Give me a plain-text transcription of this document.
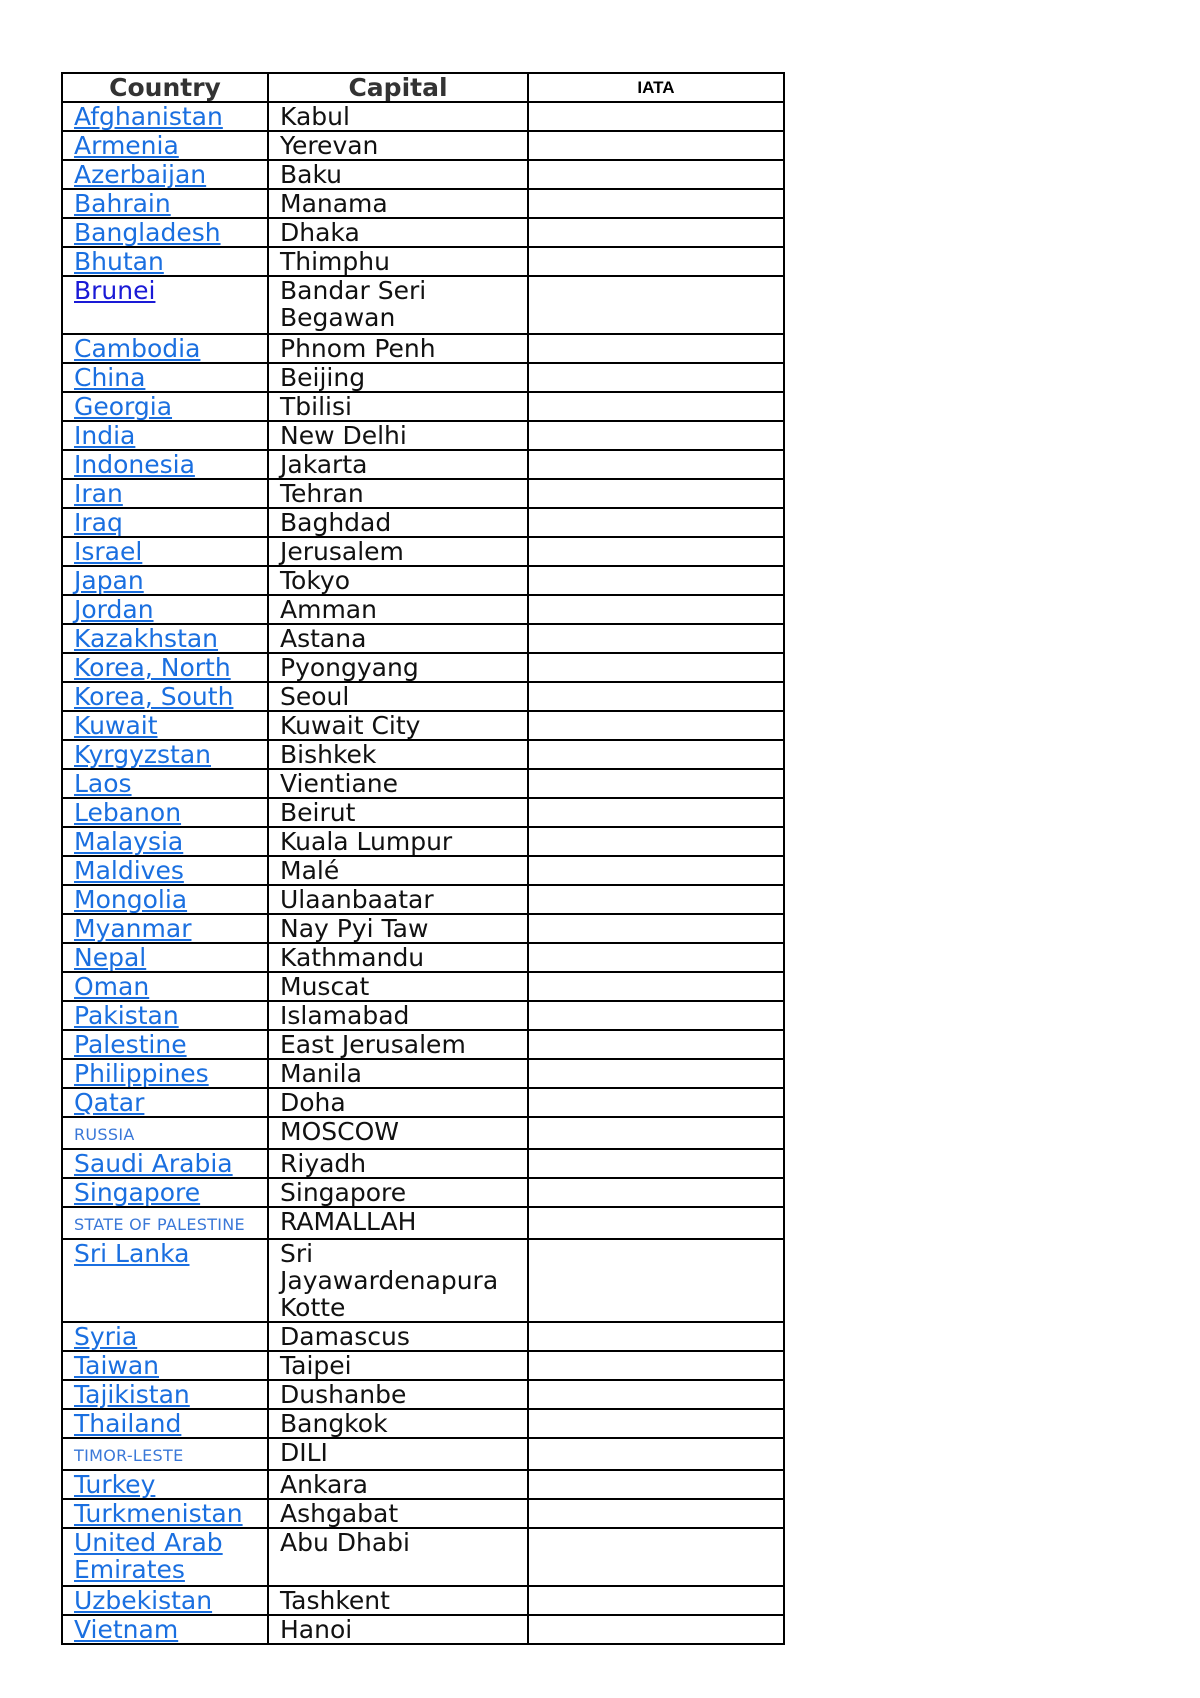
Country	Capital	IATA
Afghanistan	Kabul	
Armenia	Yerevan	
Azerbaijan	Baku	
Bahrain	Manama	
Bangladesh	Dhaka	
Bhutan	Thimphu	
Brunei	Bandar Seri Begawan	
Cambodia	Phnom Penh	
China	Beijing	
Georgia	Tbilisi	
India	New Delhi	
Indonesia	Jakarta	
Iran	Tehran	
Iraq	Baghdad	
Israel	Jerusalem	
Japan	Tokyo	
Jordan	Amman	
Kazakhstan	Astana	
Korea, North	Pyongyang	
Korea, South	Seoul	
Kuwait	Kuwait City	
Kyrgyzstan	Bishkek	
Laos	Vientiane	
Lebanon	Beirut	
Malaysia	Kuala Lumpur	
Maldives	Malé	
Mongolia	Ulaanbaatar	
Myanmar	Nay Pyi Taw	
Nepal	Kathmandu	
Oman	Muscat	
Pakistan	Islamabad	
Palestine	East Jerusalem	
Philippines	Manila	
Qatar	Doha	
RUSSIA	MOSCOW	
Saudi Arabia	Riyadh	
Singapore	Singapore	
STATE OF PALESTINE	RAMALLAH	
Sri Lanka	Sri Jayawardenapura Kotte	
Syria	Damascus	
Taiwan	Taipei	
Tajikistan	Dushanbe	
Thailand	Bangkok	
TIMOR-LESTE	DILI	
Turkey	Ankara	
Turkmenistan	Ashgabat	
United Arab Emirates	Abu Dhabi	
Uzbekistan	Tashkent	
Vietnam	Hanoi	
